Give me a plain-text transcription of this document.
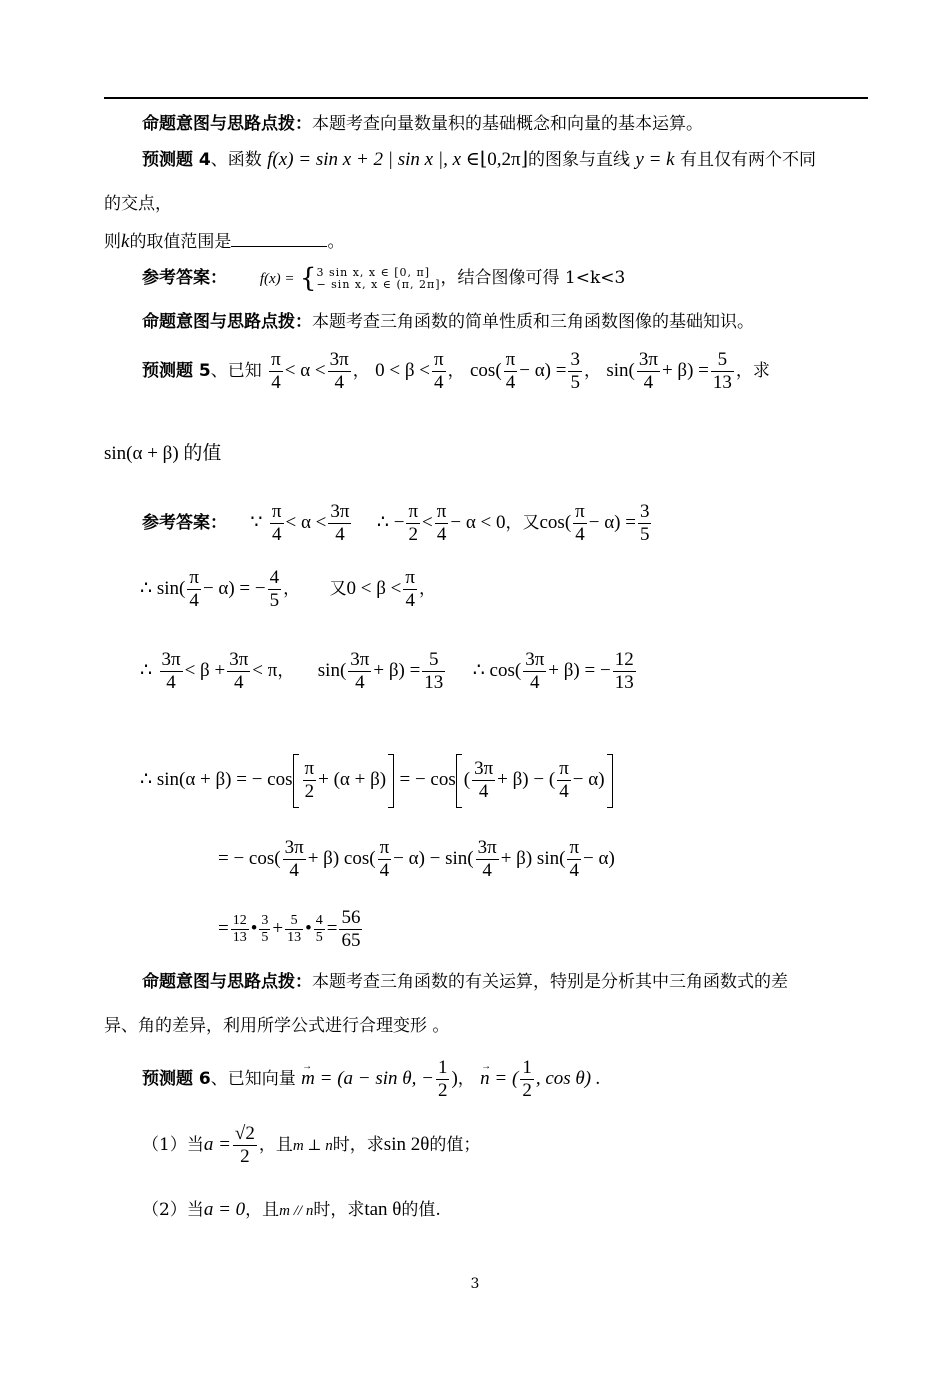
命题意图与思路点拨：本题考查向量数量积的基础概念和向量的基本运算。
预测题 4、函数 f(x) = sin x + 2 | sin x |, x ∈⌊0,2π⌋的图象与直线 y = k 有且仅有两个不同
的交点，
则k的取值范围是	。
参考答案： f(x) = { 3 sin x, x ∈ [0, π]
− sin x, x ∈ (π, 2π] ，结合图像可得 1<k<3
命题意图与思路点拨：本题考查三角函数的简单性质和三角函数图像的基础知识。
预测题 5、已知 $\frac{\pi}{4} < \alpha < \frac{3\pi}{4}$ ， $0 < \beta < \frac{\pi}{4}$ ， $\cos( \frac{\pi}{4} - \alpha) = \frac{3}{5}$ ， $\sin( \frac{3\pi}{4} + \beta) = \frac{5}{13}$ ，求
sin(α + β) 的值
参考答案： ∵ $\frac{\pi}{4} < \alpha < \frac{3\pi}{4}$ ∴ − $\frac{\pi}{2} < \frac{\pi}{4} - \alpha < 0$，又$\cos( \frac{\pi}{4} - \alpha) = \frac{3}{5}$
∴ $\sin( \frac{\pi}{4} - \alpha)$ = − $\frac{4}{5}$ ， 又$0 < \beta < \frac{\pi}{4}$ ，
∴ $\frac{3\pi}{4} < \beta + \frac{3\pi}{4} < \pi$， $\sin( \frac{3\pi}{4} + \beta) = \frac{5}{13}$ ∴ $\cos( \frac{3\pi}{4} + \beta)$ = − $\frac{12}{13}$
∴ sin(α + β) = − $\cos \frac{\pi}{2} + (\alpha + \beta)$ = − cos ( $\frac{3\pi}{4} + \beta$) − ( $\frac{\pi}{4} - \alpha$)
= − $\cos( \frac{3\pi}{4} + \beta)$ $\cos( \frac{\pi}{4} - \alpha) - \sin( \frac{3\pi}{4} + \beta)$ $\sin( \frac{\pi}{4} - \alpha)$
= $\frac{12}{13}$ • $\frac{3}{5} + \frac{5}{13}$ • $\frac{4}{5} = \frac{56}{65}$
命题意图与思路点拨：本题考查三角函数的有关运算，特别是分析其中三角函数式的差
异、角的差异，利用所学公式进行合理变形 。
预测题 6、已知向量 → m = (a − sin θ, − $\frac{1}{2}$ )， → n = ( $\frac{1}{2}$ , cos θ) .
（1）当$a = \frac{√2}{2}$ ，且m ⊥ n时，求sin 2θ的值；
（2）当a = 0，且m // n时，求tan θ的值.
3
